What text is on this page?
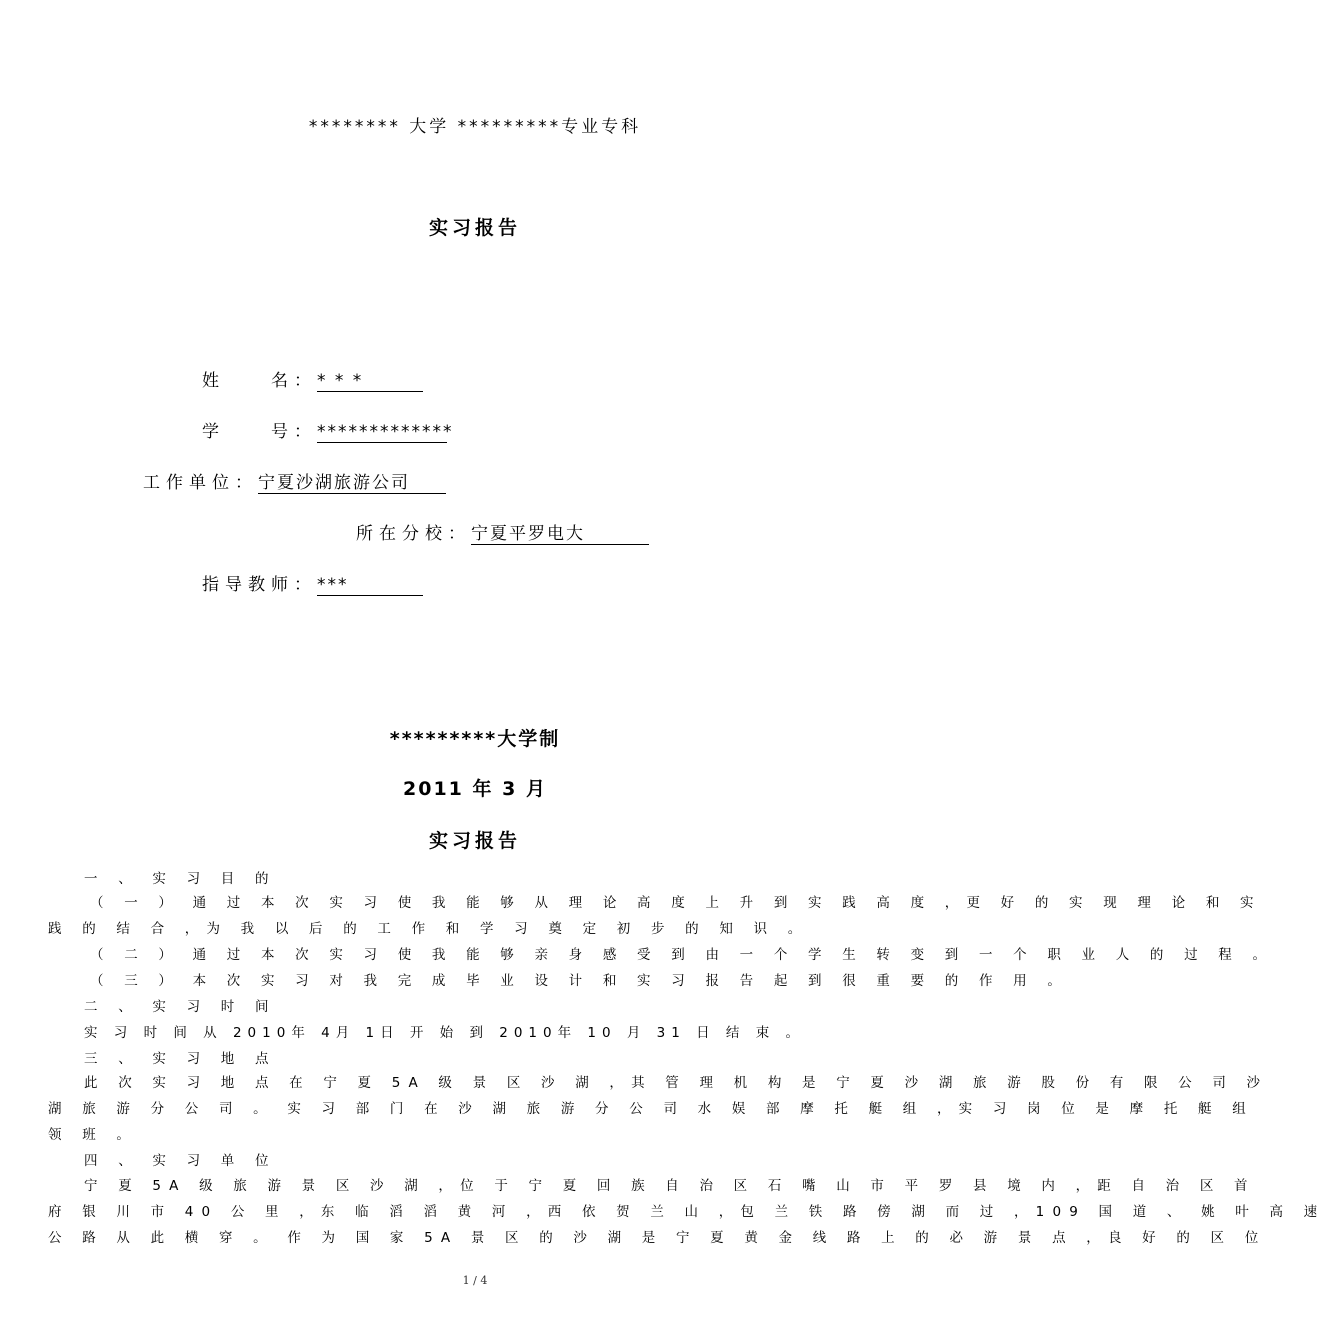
******** 大学 *********专业专科
实习报告
姓　　名：* * *
学　　号：*************
工作单位：宁夏沙湖旅游公司
所在分校：宁夏平罗电大
指导教师：***
*********大学制
2011 年 3 月
实习报告
一 、 实 习 目 的
（ 一 ） 通 过 本 次 实 习 使 我 能 够 从 理 论 高 度 上 升 到 实 践 高 度 ，更 好 的 实 现 理 论 和 实
践 的 结 合 ，为 我 以 后 的 工 作 和 学 习 奠 定 初 步 的 知 识 。
（ 二 ） 通 过 本 次 实 习 使 我 能 够 亲 身 感 受 到 由 一 个 学 生 转 变 到 一 个 职 业 人 的 过 程 。
（ 三 ） 本 次 实 习 对 我 完 成 毕 业 设 计 和 实 习 报 告 起 到 很 重 要 的 作 用 。
二 、 实 习 时 间
实 习 时 间 从 2010年 4月 1日 开 始 到 2010年 10 月 31 日 结 束 。
三 、 实 习 地 点
此 次 实 习 地 点 在 宁 夏 5A 级 景 区 沙 湖 ，其 管 理 机 构 是 宁 夏 沙 湖 旅 游 股 份 有 限 公 司 沙
湖 旅 游 分 公 司 。 实 习 部 门 在 沙 湖 旅 游 分 公 司 水 娱 部 摩 托 艇 组 ，实 习 岗 位 是 摩 托 艇 组
领 班 。
四 、 实 习 单 位
宁 夏 5A 级 旅 游 景 区 沙 湖 ，位 于 宁 夏 回 族 自 治 区 石 嘴 山 市 平 罗 县 境 内 ，距 自 治 区 首
府 银 川 市 40 公 里 ，东 临 滔 滔 黄 河 ，西 依 贺 兰 山 ，包 兰 铁 路 傍 湖 而 过 ，109 国 道 、 姚 叶 高 速
公 路 从 此 横 穿 。 作 为 国 家 5A 景 区 的 沙 湖 是 宁 夏 黄 金 线 路 上 的 必 游 景 点 ，良 好 的 区 位
1 / 4
